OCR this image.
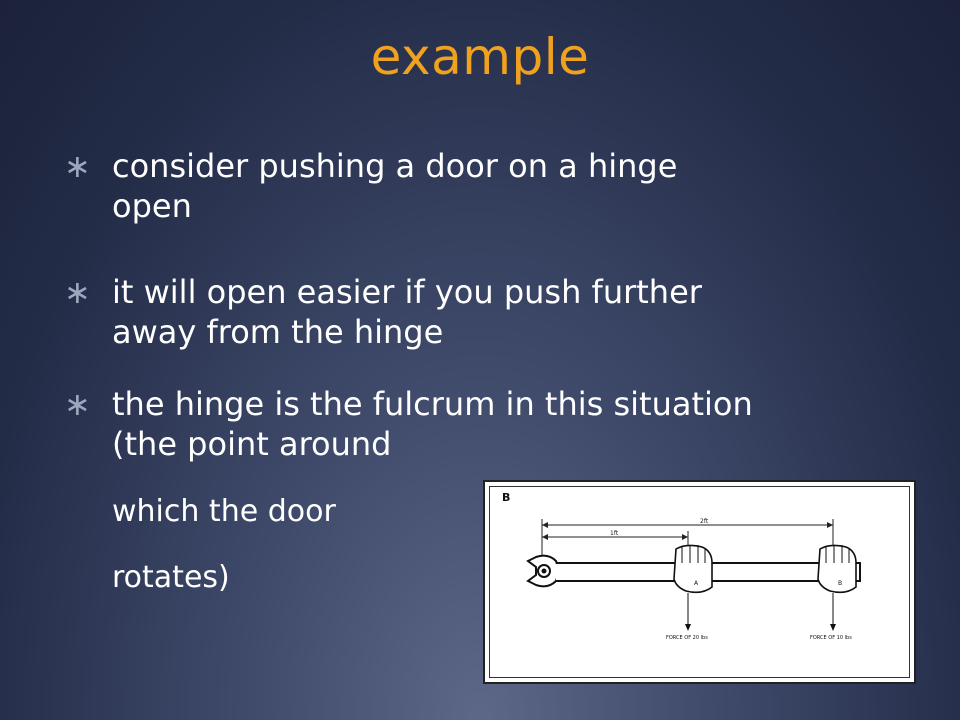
example
∗ consider pushing a door on a hinge
open
∗ it will open easier if you push further
away from the hinge
∗ the hinge is the fulcrum in this situation
(the point around
which the door
rotates)
B
2ft
1ft
A	B
FORCE OF 20 lbs	FORCE OF 10 lbs
